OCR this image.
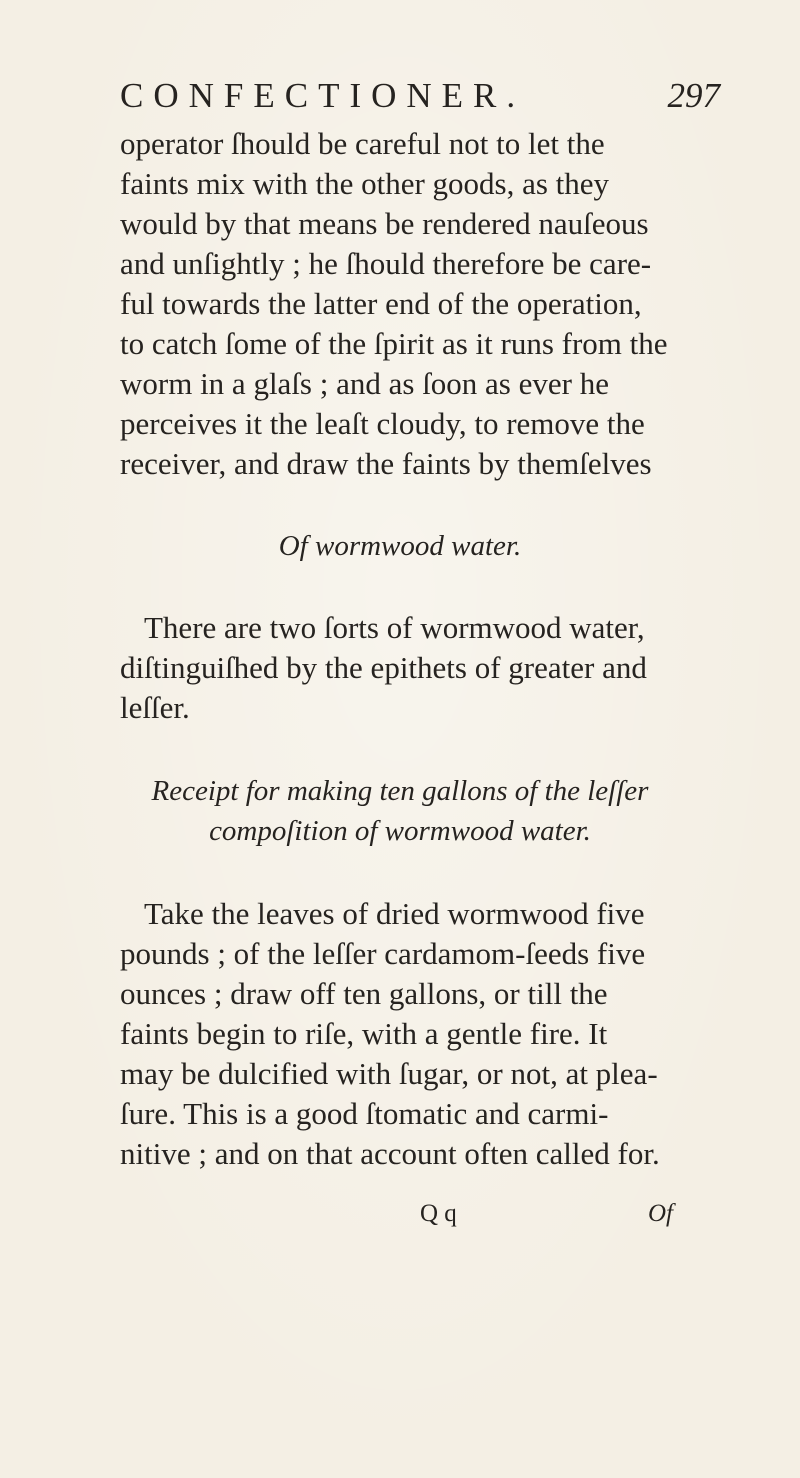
CONFECTIONER.	297
operator ſhould be careful not to let the
faints mix with the other goods, as they
would by that means be rendered nauſeous
and unſightly ; he ſhould therefore be care-
ful towards the latter end of the operation,
to catch ſome of the ſpirit as it runs from the
worm in a glaſs ; and as ſoon as ever he
perceives it the leaſt cloudy, to remove the
receiver, and draw the faints by themſelves
Of wormwood water.
There are two ſorts of wormwood water,
diſtinguiſhed by the epithets of greater and
leſſer.
Receipt for making ten gallons of the leſſer
compoſition of wormwood water.
Take the leaves of dried wormwood five
pounds ; of the leſſer cardamom-ſeeds five
ounces ; draw off ten gallons, or till the
faints begin to riſe, with a gentle fire. It
may be dulcified with ſugar, or not, at plea-
ſure. This is a good ſtomatic and carmi-
nitive ; and on that account often called for.
Q q	Of
